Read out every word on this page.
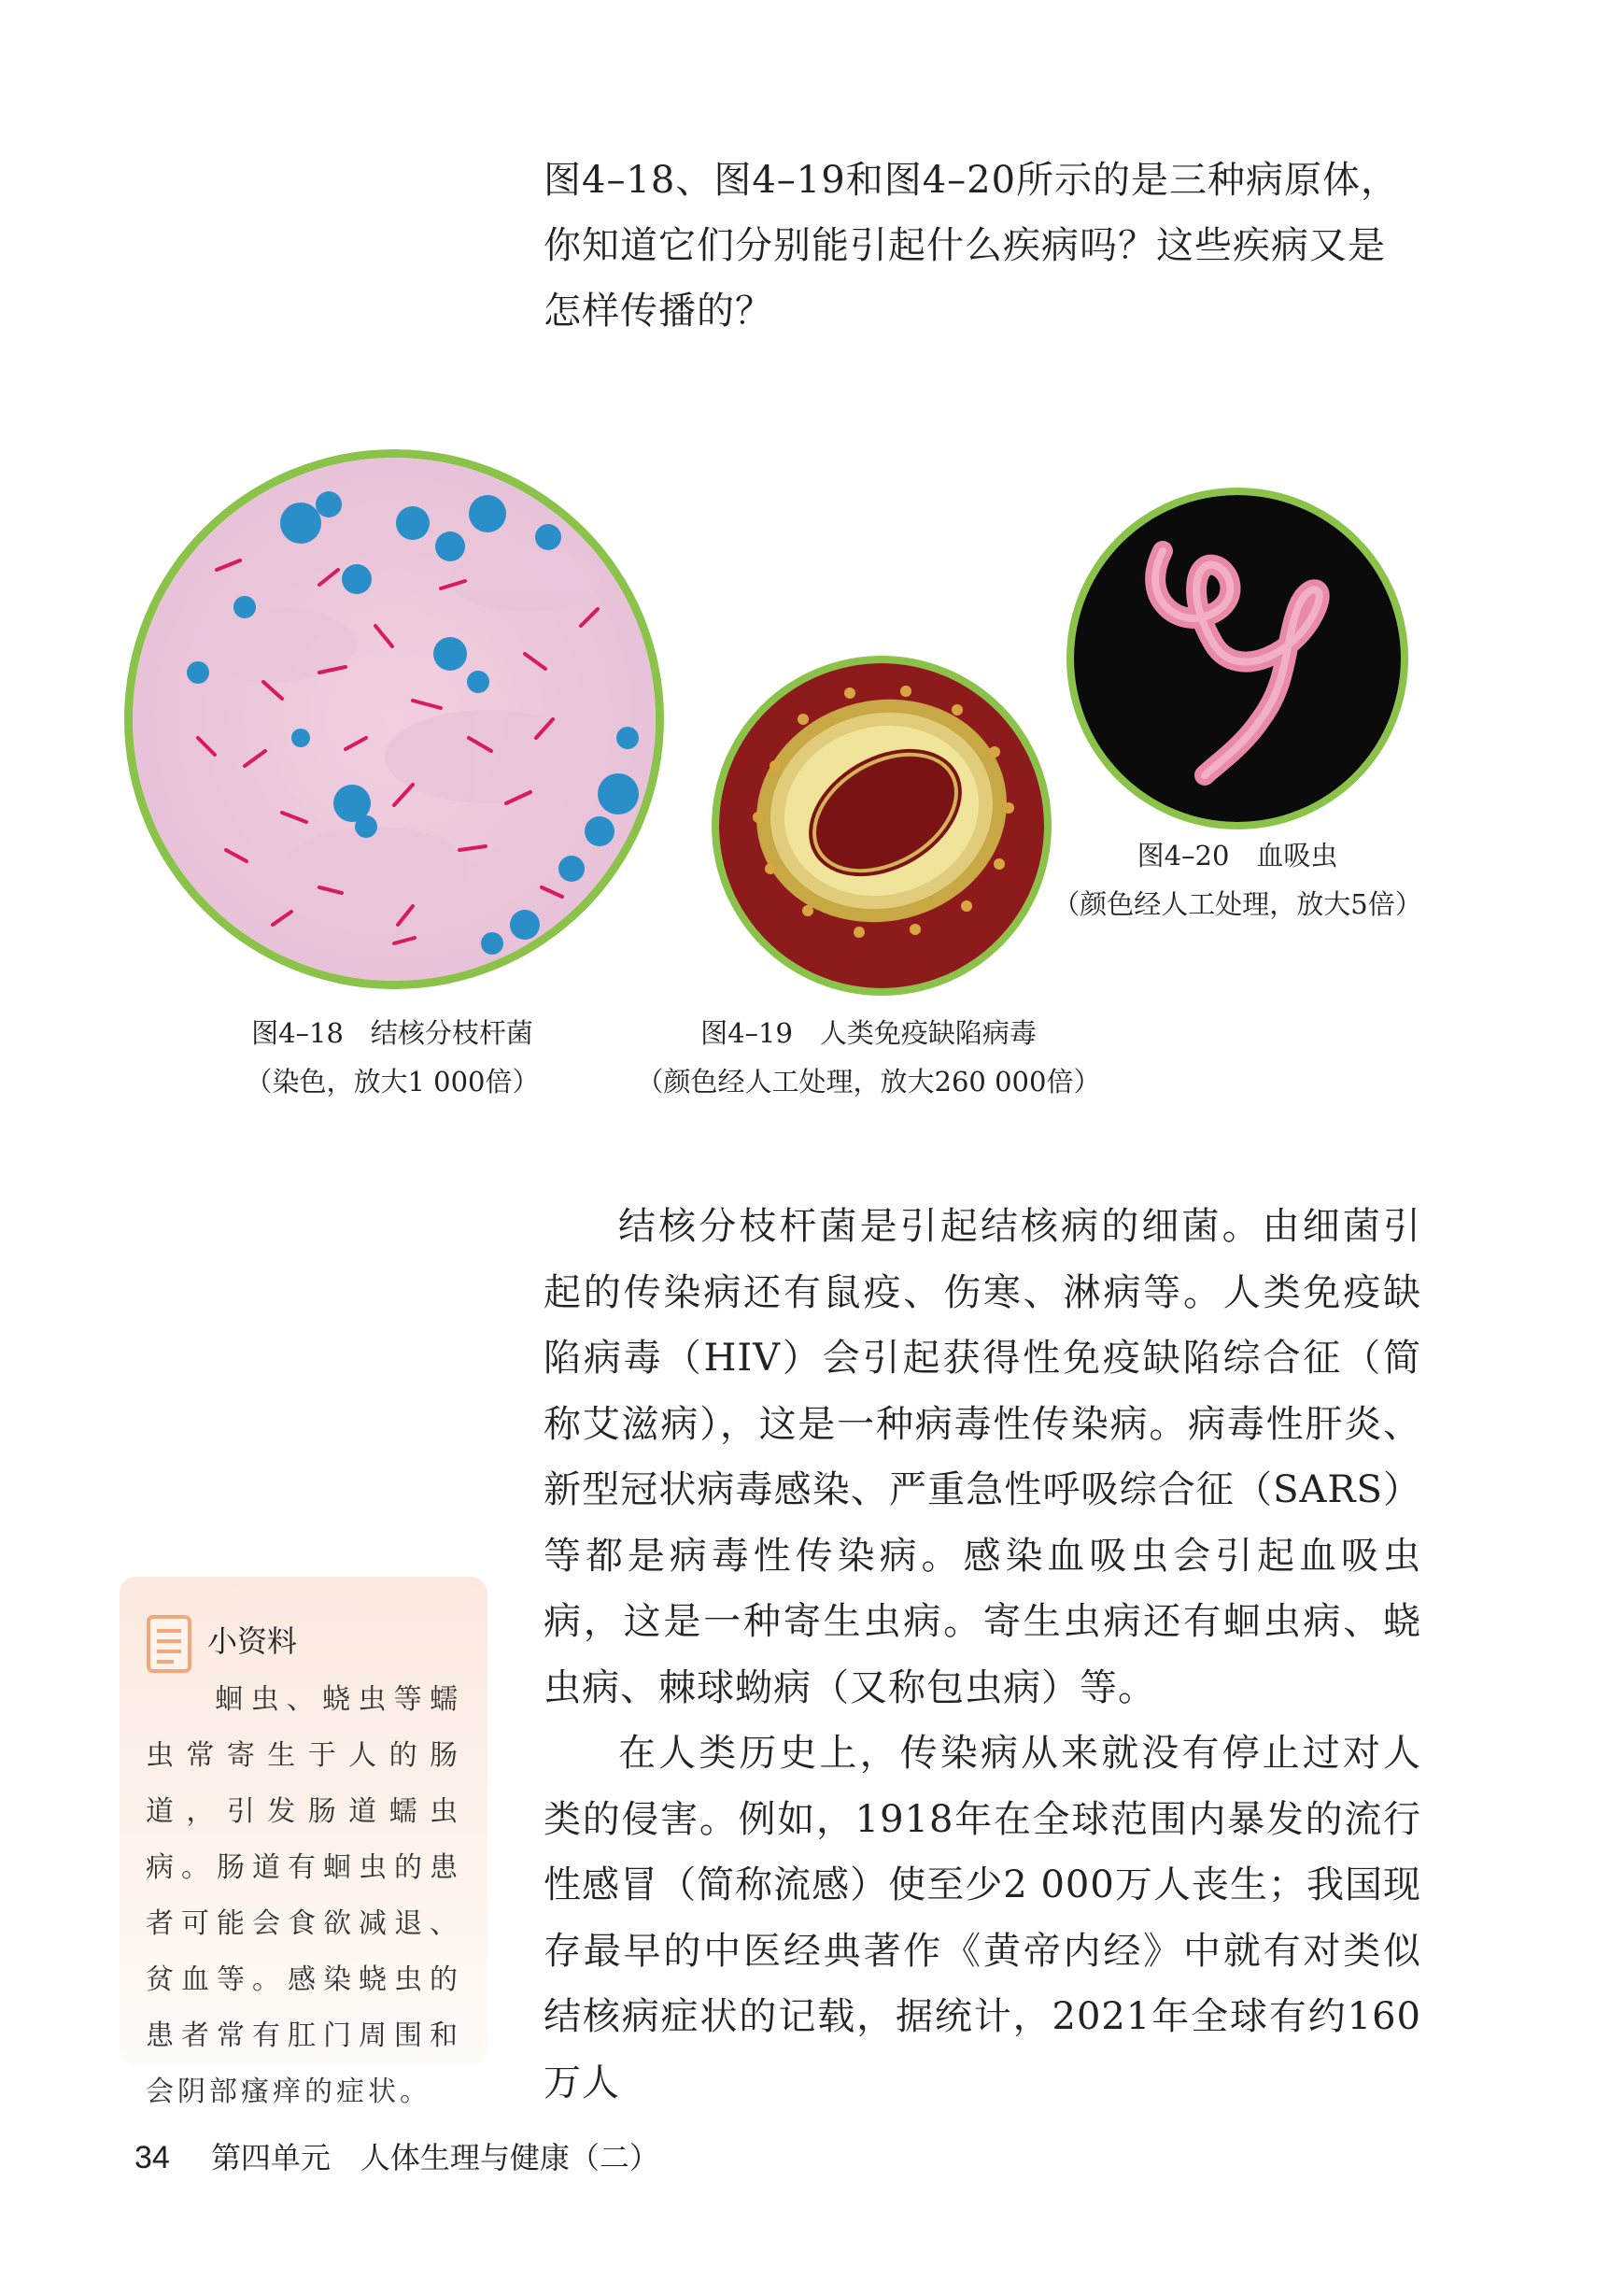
图4–18、图4–19和图4–20所示的是三种病原体，你知道它们分别能引起什么疾病吗？这些疾病又是怎样传播的？
图4–18　结核分枝杆菌
（染色，放大1 000倍）
图4–19　人类免疫缺陷病毒
（颜色经人工处理，放大260 000倍）
图4–20　血吸虫
（颜色经人工处理，放大5倍）

结核分枝杆菌是引起结核病的细菌。由细菌引起的传染病还有鼠疫、伤寒、淋病等。人类免疫缺陷病毒（HIV）会引起获得性免疫缺陷综合征（简称艾滋病），这是一种病毒性传染病。病毒性肝炎、新型冠状病毒感染、严重急性呼吸综合征（SARS）等都是病毒性传染病。感染血吸虫会引起血吸虫病，这是一种寄生虫病。寄生虫病还有蛔虫病、蛲虫病、棘球蚴病（又称包虫病）等。

在人类历史上，传染病从来就没有停止过对人类的侵害。例如，1918年在全球范围内暴发的流行性感冒（简称流感）使至少2 000万人丧生；我国现存最早的中医经典著作《黄帝内经》中就有对类似结核病症状的记载，据统计，2021年全球有约160万人

小资料
蛔虫、蛲虫等蠕虫常寄生于人的肠道，引发肠道蠕虫病。肠道有蛔虫的患者可能会食欲减退、贫血等。感染蛲虫的患者常有肛门周围和会阴部瘙痒的症状。
34 第四单元　人体生理与健康（二）
